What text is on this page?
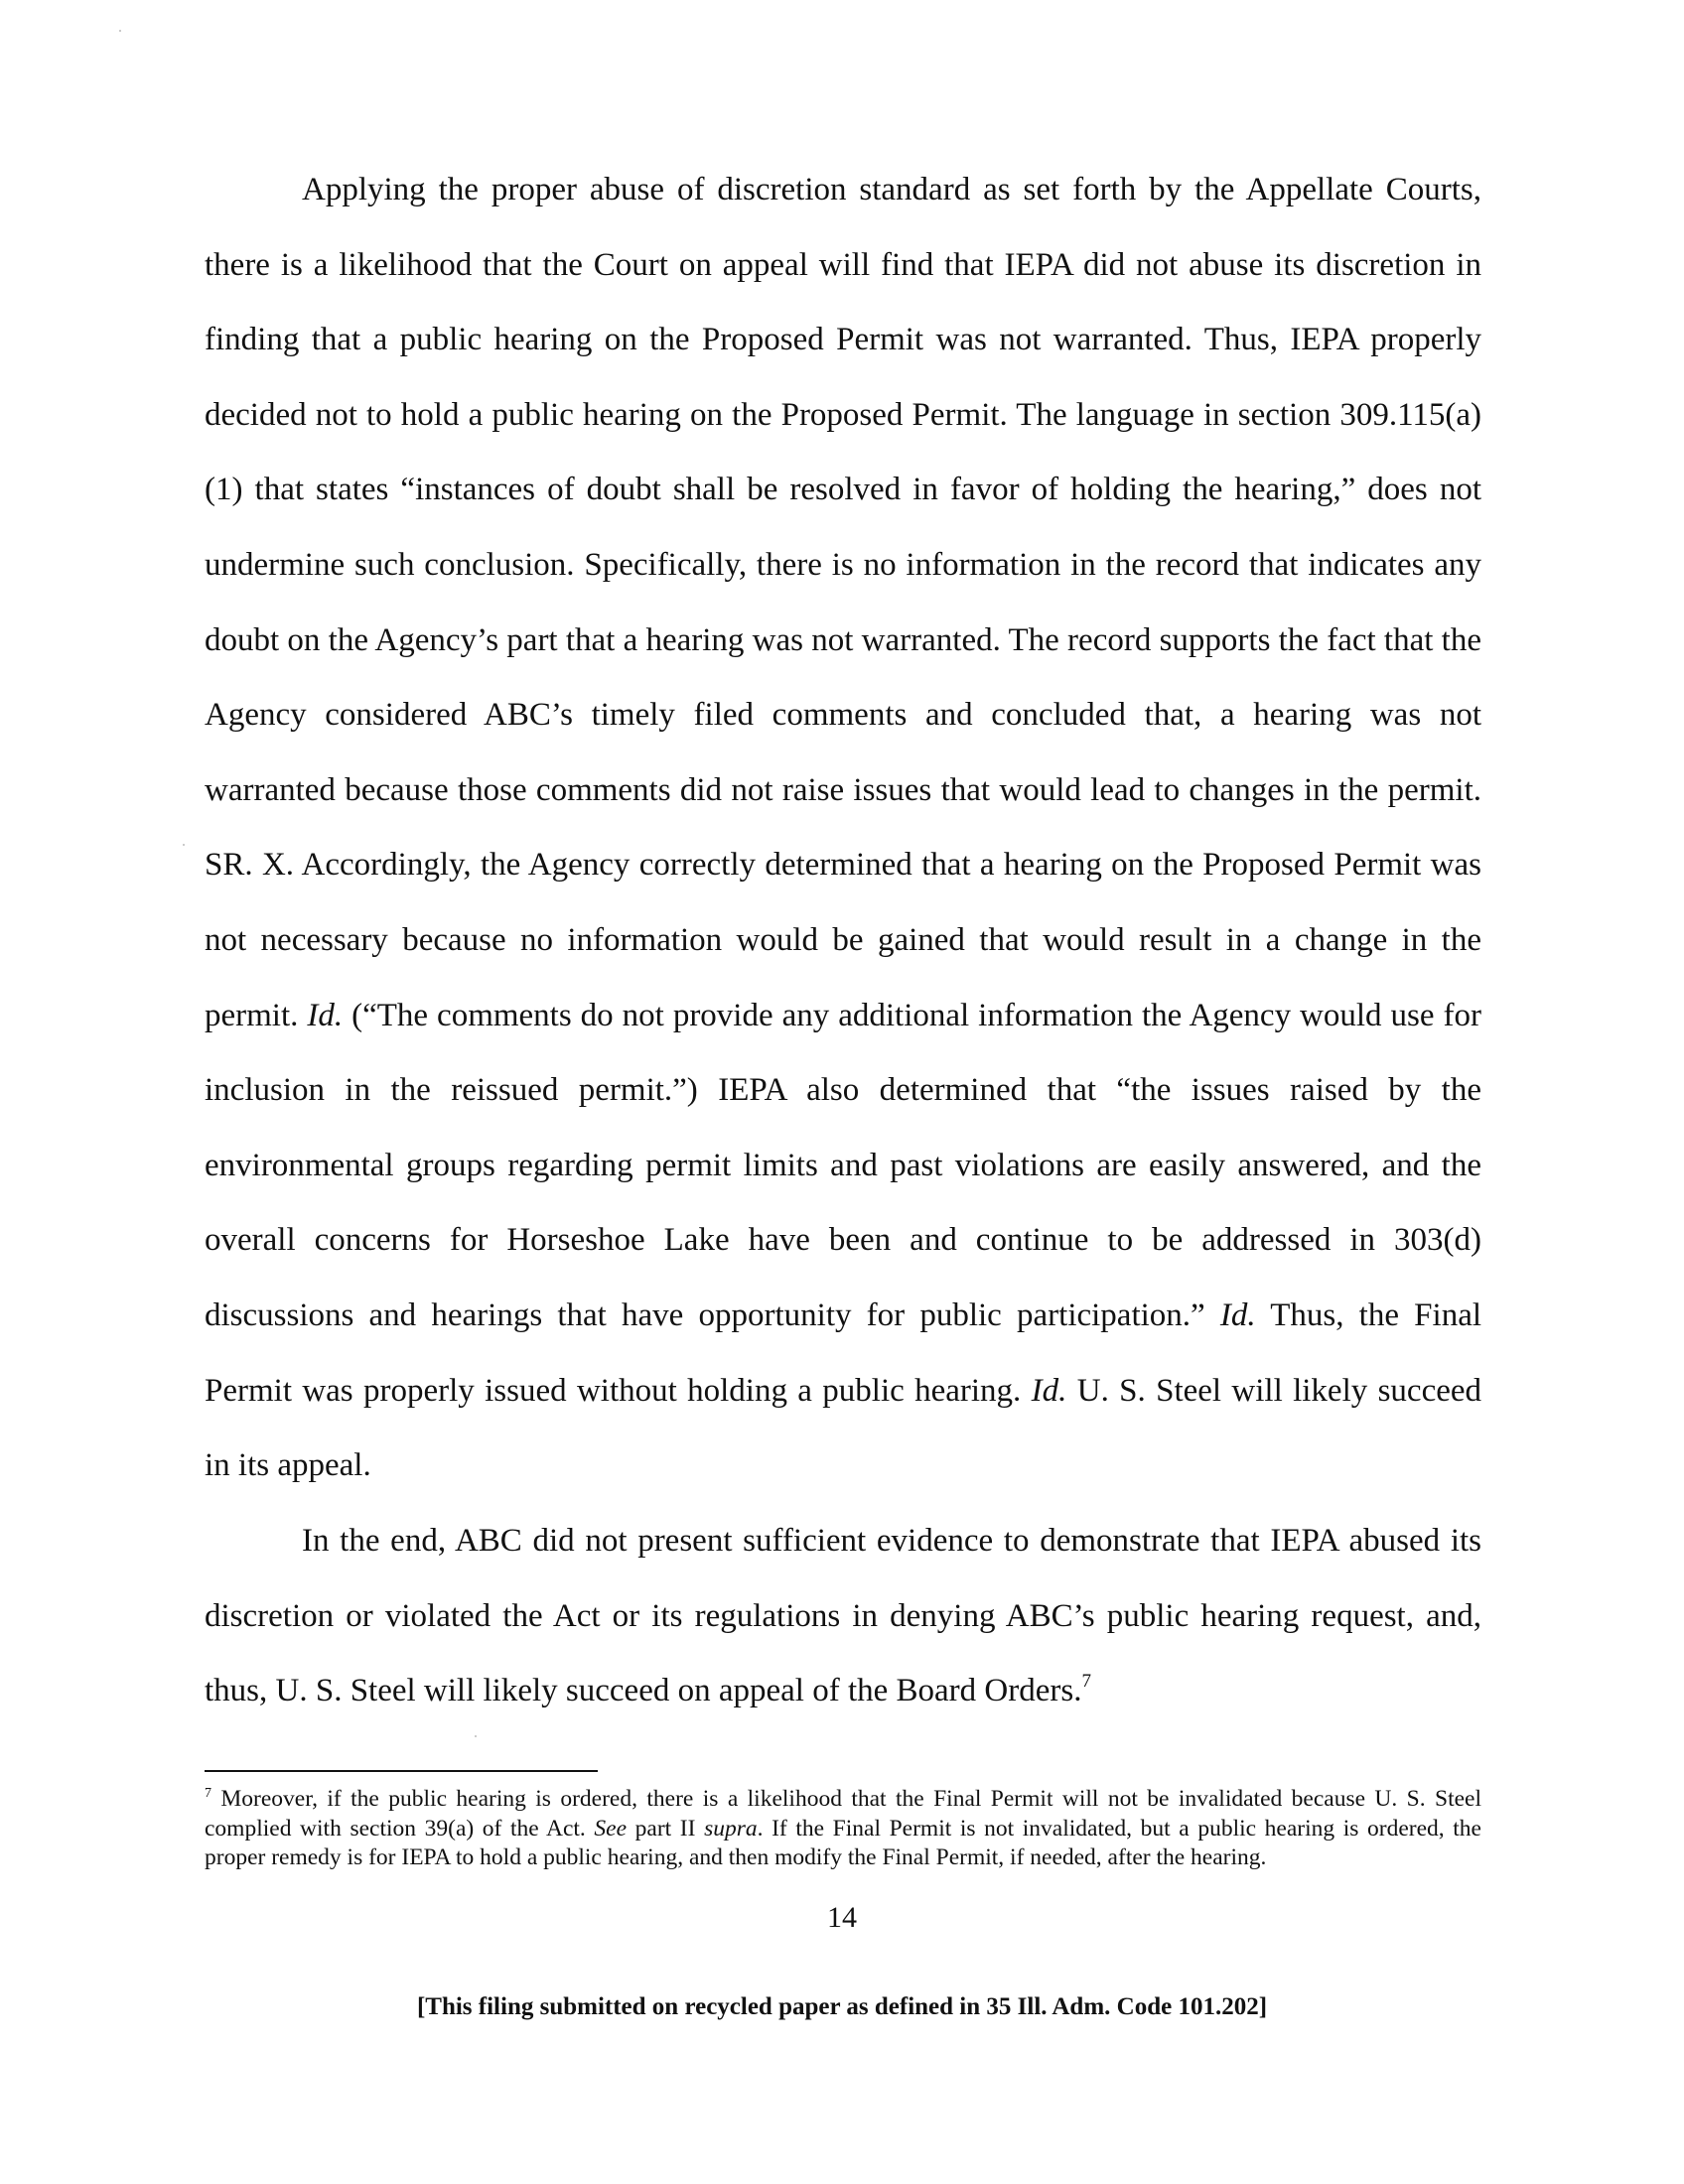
Applying the proper abuse of discretion standard as set forth by the Appellate Courts, there is a likelihood that the Court on appeal will find that IEPA did not abuse its discretion in finding that a public hearing on the Proposed Permit was not warranted. Thus, IEPA properly decided not to hold a public hearing on the Proposed Permit. The language in section 309.115(a)(1) that states “instances of doubt shall be resolved in favor of holding the hearing,” does not undermine such conclusion. Specifically, there is no information in the record that indicates any doubt on the Agency’s part that a hearing was not warranted. The record supports the fact that the Agency considered ABC’s timely filed comments and concluded that, a hearing was not warranted because those comments did not raise issues that would lead to changes in the permit. SR. X. Accordingly, the Agency correctly determined that a hearing on the Proposed Permit was not necessary because no information would be gained that would result in a change in the permit. Id. (“The comments do not provide any additional information the Agency would use for inclusion in the reissued permit.”) IEPA also determined that “the issues raised by the environmental groups regarding permit limits and past violations are easily answered, and the overall concerns for Horseshoe Lake have been and continue to be addressed in 303(d) discussions and hearings that have opportunity for public participation.” Id. Thus, the Final Permit was properly issued without holding a public hearing. Id. U. S. Steel will likely succeed in its appeal.

In the end, ABC did not present sufficient evidence to demonstrate that IEPA abused its discretion or violated the Act or its regulations in denying ABC’s public hearing request, and, thus, U. S. Steel will likely succeed on appeal of the Board Orders.$^7$

$^7$ Moreover, if the public hearing is ordered, there is a likelihood that the Final Permit will not be invalidated because U. S. Steel complied with section 39(a) of the Act. See part II supra. If the Final Permit is not invalidated, but a public hearing is ordered, the proper remedy is for IEPA to hold a public hearing, and then modify the Final Permit, if needed, after the hearing.

14

[This filing submitted on recycled paper as defined in 35 Ill. Adm. Code 101.202]
